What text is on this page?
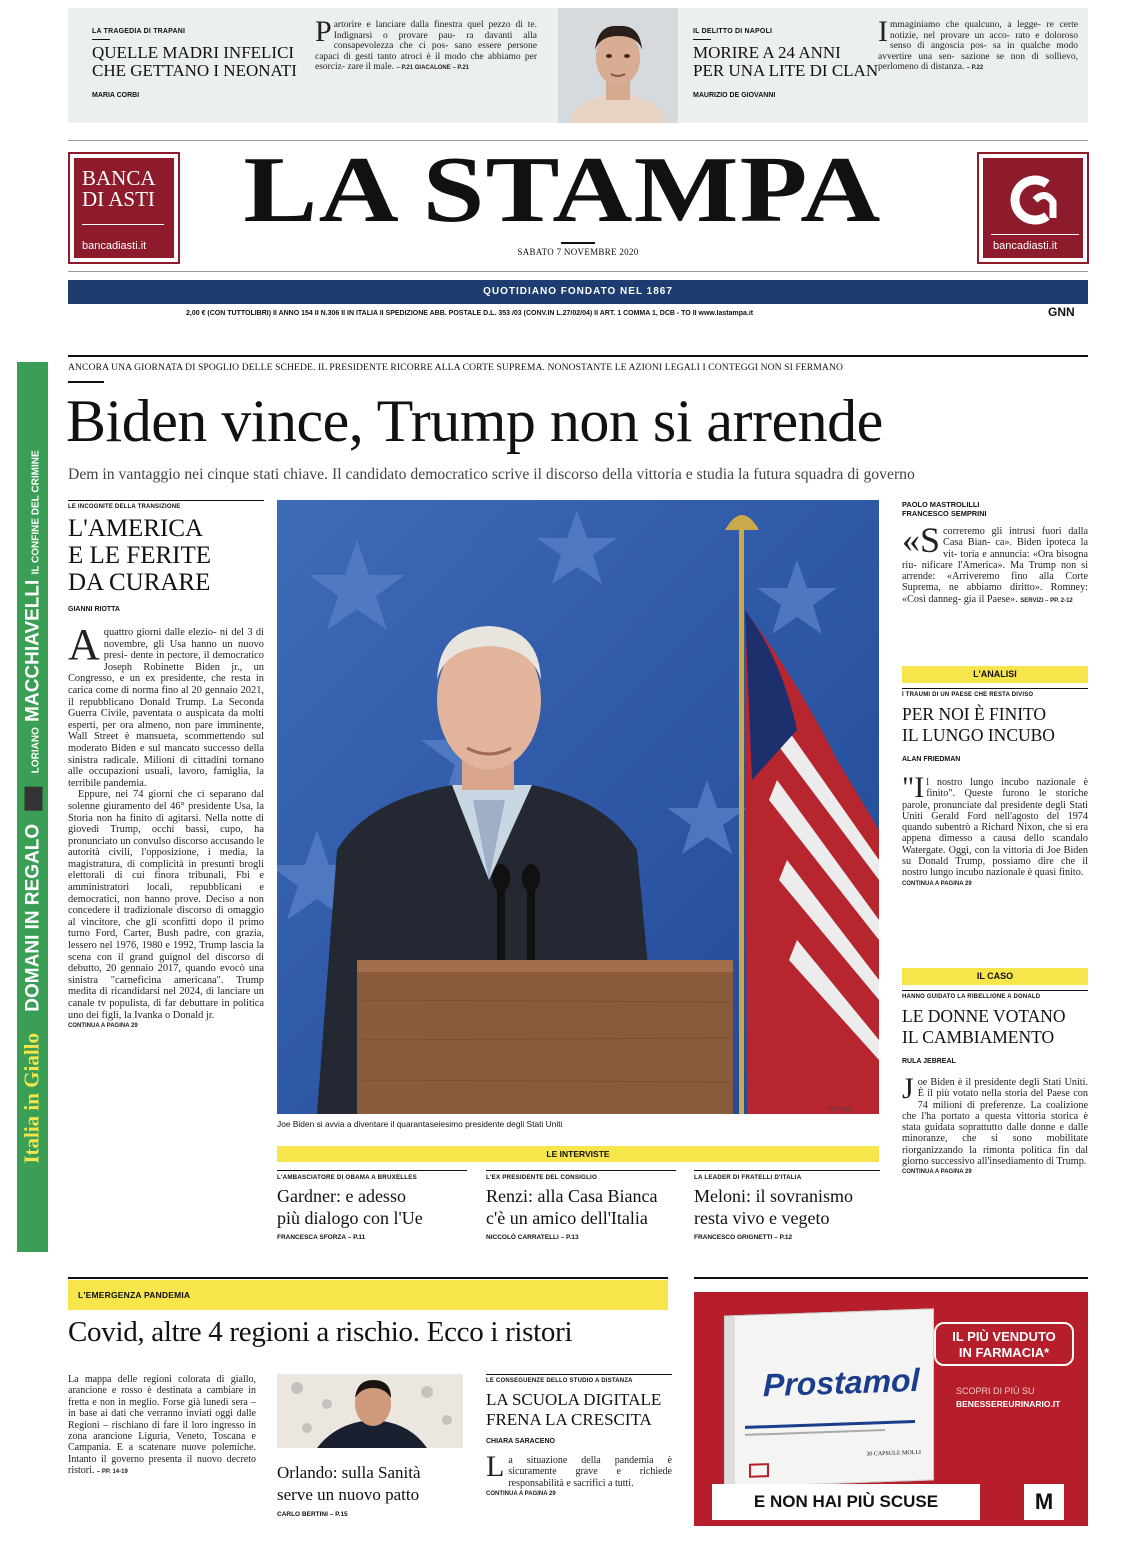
LA TRAGEDIA DI TRAPANI
QUELLE MADRI INFELICI
CHE GETTANO I NEONATI
MARIA CORBI
P artorire e lanciare dalla finestra quel pezzo di te. Indignarsi o provare pau- ra davanti alla consapevolezza che ci pos- sano essere persone capaci di gesti tanto atroci è il modo che abbiamo per esorciz- zare il male. – P.21 GIACALONE – P.21
IL DELITTO DI NAPOLI
MORIRE A 24 ANNI
PER UNA LITE DI CLAN
MAURIZIO DE GIOVANNI
I mmaginiamo che qualcuno, a legge- re certe notizie, nel provare un acco- rato e doloroso senso di angoscia pos- sa in qualche modo avvertire una sen- sazione se non di sollievo, perlomeno di distanza. – P.22
BANCA
DI ASTI
bancadiasti.it
LA STAMPA
SABATO 7 NOVEMBRE 2020	bancadiasti.it
QUOTIDIANO FONDATO NEL 1867
2,00 € (CON TUTTOLIBRI) II ANNO 154 II N.306 II IN ITALIA II SPEDIZIONE ABB. POSTALE D.L. 353 /03 (CONV.IN L.27/02/04) II ART. 1 COMMA 1, DCB - TO II www.lastampa.it	GNN
Italia in Giallo DOMANI IN REGALO  LORIANO MACCHIAVELLI IL CONFINE DEL CRIMINE
ANCORA UNA GIORNATA DI SPOGLIO DELLE SCHEDE. IL PRESIDENTE RICORRE ALLA CORTE SUPREMA. NONOSTANTE LE AZIONI LEGALI I CONTEGGI NON SI FERMANO
Biden vince, Trump non si arrende
Dem in vantaggio nei cinque stati chiave. Il candidato democratico scrive il discorso della vittoria e studia la futura squadra di governo
LE INCOGNITE DELLA TRANSIZIONE
L'AMERICA
E LE FERITE
DA CURARE
GIANNI RIOTTA
Aquattro giorni dalle elezio- ni del 3 di novembre, gli Usa hanno un nuovo presi- dente in pectore, il democratico Joseph Robinette Biden jr., un Congresso, e un ex presidente, che resta in carica come di norma fino al 20 gennaio 2021, il repubblicano Donald Trump. La Seconda Guerra Civile, paventata o auspicata da molti esperti, per ora almeno, non pare imminente, Wall Street è mansueta, scommettendo sul moderato Biden e sul mancato successo della sinistra radicale. Milioni di cittadini tornano alle occupazioni usuali, lavoro, famiglia, la terribile pandemia.
Eppure, nei 74 giorni che ci separano dal solenne giuramento del 46° presidente Usa, la Storia non ha finito di agitarsi. Nella notte di giovedì Trump, occhi bassi, cupo, ha pronunciato un convulso discorso accusando le autorità civili, l'opposizione, i media, la magistratura, di complicità in presunti brogli elettorali di cui finora tribunali, Fbi e amministratori locali, repubblicani e democratici, non hanno prove. Deciso a non concedere il tradizionale discorso di omaggio al vincitore, che gli sconfitti dopo il primo turno Ford, Carter, Bush padre, con grazia, lessero nel 1976, 1980 e 1992, Trump lascia la scena con il grand guignol del discorso di debutto, 20 gennaio 2017, quando evocò una sinistra "carneficina americana". Trump medita di ricandidarsi nel 2024, di lanciare un canale tv populista, di far debuttare in politica uno dei figli, la Ivanka o Donald jr.
CONTINUA A PAGINA 29
Joe Biden si avvia a diventare il quarantaseiesimo presidente degli Stati Uniti
REUTERS
PAOLO MASTROLILLI
FRANCESCO SEMPRINI
«Scorreremo gli intrusi fuori dalla Casa Bian- ca». Biden ipoteca la vit- toria e annuncia: «Ora bisogna riu- nificare l'America». Ma Trump non si arrende: «Arriveremo fino alla Corte Suprema, ne abbiamo diritto». Romney: «Così danneg- gia il Paese». SERVIZI – PP. 2-12
L'ANALISI
I TRAUMI DI UN PAESE CHE RESTA DIVISO
PER NOI È FINITO
IL LUNGO INCUBO
ALAN FRIEDMAN
"Il nostro lungo incubo nazionale è finito". Queste furono le storiche parole, pronunciate dal presidente degli Stati Uniti Gerald Ford nell'agosto del 1974 quando subentrò a Richard Nixon, che si era appena dimesso a causa dello scandalo Watergate. Oggi, con la vittoria di Joe Biden su Donald Trump, possiamo dire che il nostro lungo incubo nazionale è quasi finito.
CONTINUA A PAGINA 29
IL CASO
HANNO GUIDATO LA RIBELLIONE A DONALD
LE DONNE VOTANO
IL CAMBIAMENTO
RULA JEBREAL
Joe Biden è il presidente degli Stati Uniti. È il più votato nella storia del Paese con 74 milioni di preferenze. La coalizione che l'ha portato a questa vittoria storica è stata guidata soprattutto dalle donne e dalle minoranze, che si sono mobilitate riorganizzando la rimonta politica fin dal giorno successivo all'insediamento di Trump.
CONTINUA A PAGINA 29
LE INTERVISTE
L'AMBASCIATORE DI OBAMA A BRUXELLES
Gardner: e adesso
più dialogo con l'Ue
FRANCESCA SFORZA – P.11
L'EX PRESIDENTE DEL CONSIGLIO
Renzi: alla Casa Bianca
c'è un amico dell'Italia
NICCOLÒ CARRATELLI – P.13
LA LEADER DI FRATELLI D'ITALIA
Meloni: il sovranismo
resta vivo e vegeto
FRANCESCO GRIGNETTI – P.12
L'EMERGENZA PANDEMIA
Covid, altre 4 regioni a rischio. Ecco i ristori
La mappa delle regioni colorata di giallo, arancione e rosso è destinata a cambiare in fretta e non in meglio. Forse già lunedì sera – in base ai dati che verranno inviati oggi dalle Regioni – rischiano di fare il loro ingresso in zona arancione Liguria, Veneto, Toscana e Campania. E a scatenare nuove polemiche. Intanto il governo presenta il nuovo decreto ristori. – PP. 14-19	Orlando: sulla Sanità
serve un nuovo patto
CARLO BERTINI – P.15
LE CONSEGUENZE DELLO STUDIO A DISTANZA
LA SCUOLA DIGITALE
FRENA LA CRESCITA
CHIARA SARACENO
La situazione della pandemia è sicuramente grave e richiede responsabilità e sacrifici a tutti.
CONTINUA A PAGINA 29
Prostamol
30 CAPSULE MOLLI
IL PIÙ VENDUTO
IN FARMACIA*
SCOPRI DI PIÙ SU
BENESSEREURINARIO.IT
E NON HAI PIÙ SCUSE	M
